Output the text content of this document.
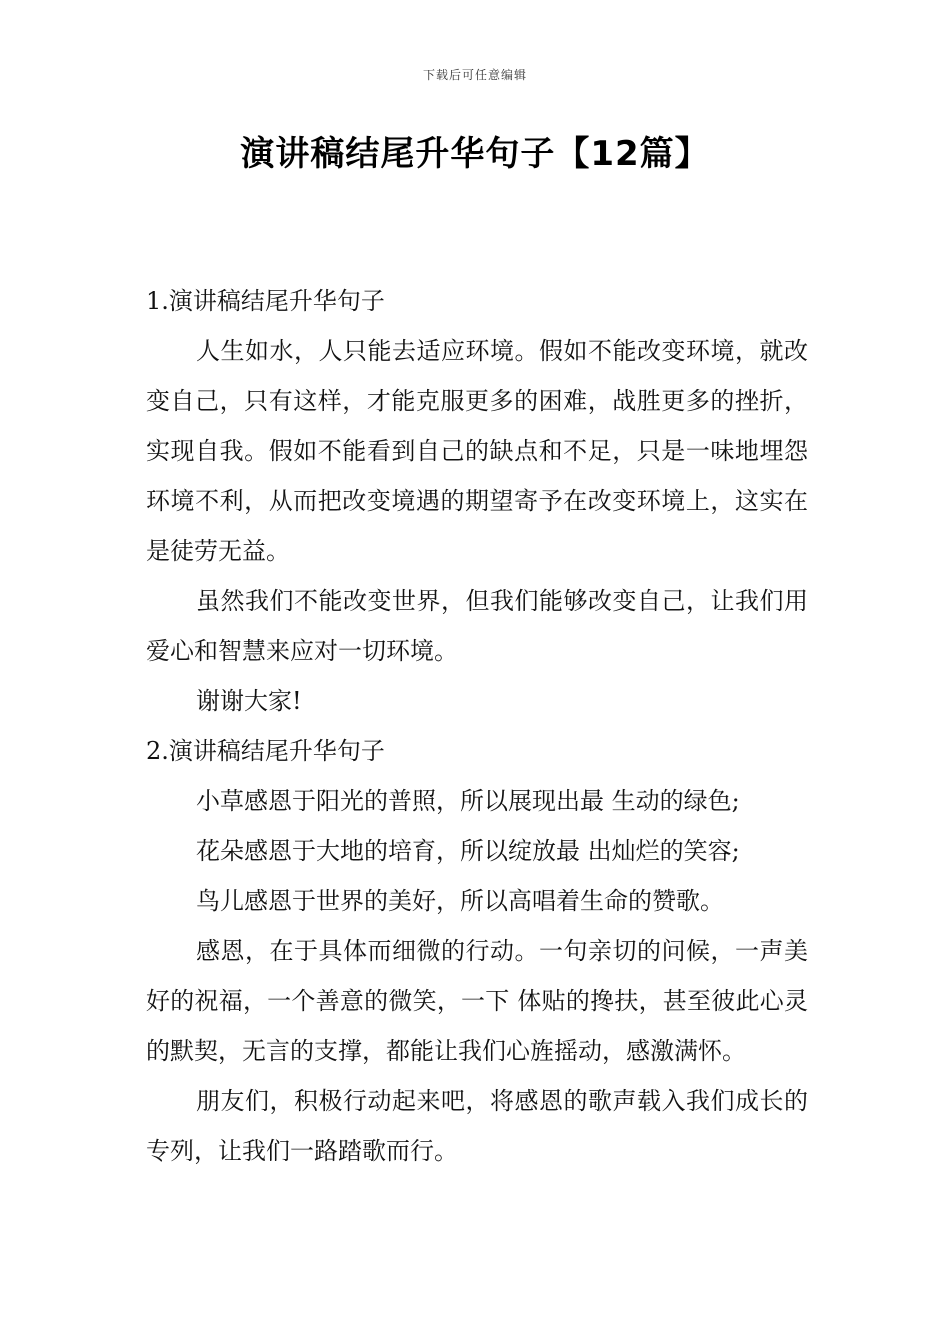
下载后可任意编辑
演讲稿结尾升华句子【12篇】

1.演讲稿结尾升华句子

人生如水，人只能去适应环境。假如不能改变环境，就改变自己，只有这样，才能克服更多的困难，战胜更多的挫折，实现自我。假如不能看到自己的缺点和不足，只是一味地埋怨环境不利，从而把改变境遇的期望寄予在改变环境上，这实在是徒劳无益。

虽然我们不能改变世界，但我们能够改变自己，让我们用爱心和智慧来应对一切环境。

谢谢大家!

2.演讲稿结尾升华句子

小草感恩于阳光的普照，所以展现出最 生动的绿色;

花朵感恩于大地的培育，所以绽放最 出灿烂的笑容;

鸟儿感恩于世界的美好，所以高唱着生命的赞歌。

感恩，在于具体而细微的行动。一句亲切的问候，一声美好的祝福，一个善意的微笑，一下 体贴的搀扶，甚至彼此心灵的默契，无言的支撑，都能让我们心旌摇动，感激满怀。

朋友们，积极行动起来吧，将感恩的歌声载入我们成长的专列，让我们一路踏歌而行。
